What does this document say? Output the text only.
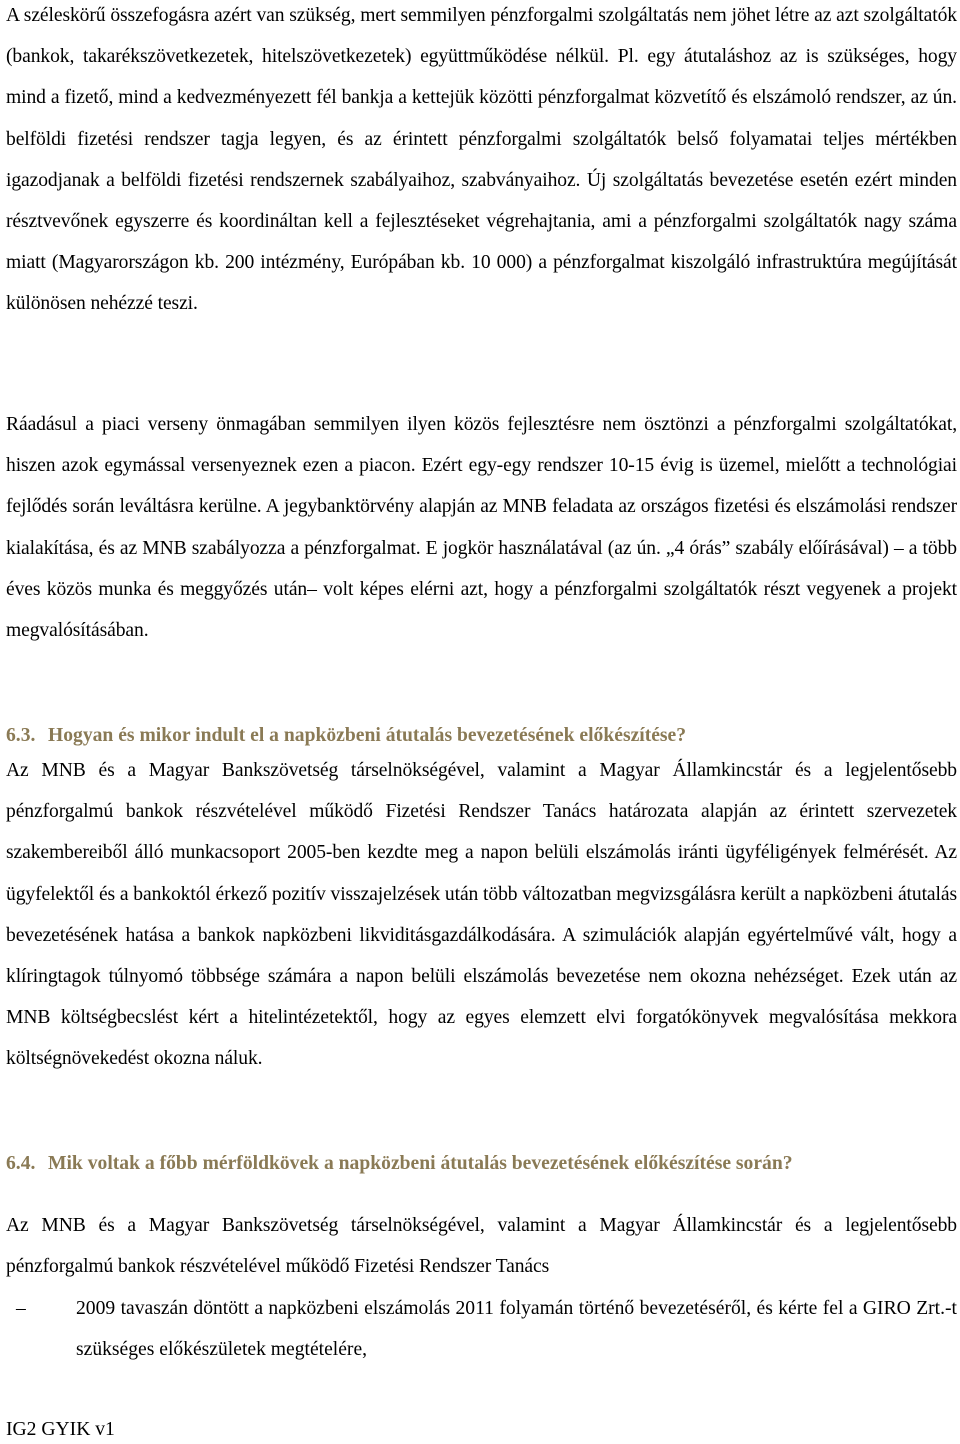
A széleskörű összefogásra azért van szükség, mert semmilyen pénzforgalmi szolgáltatás nem jöhet létre az azt szolgáltatók (bankok, takarékszövetkezetek, hitelszövetkezetek) együttműködése nélkül. Pl. egy átutaláshoz az is szükséges, hogy mind a fizető, mind a kedvezményezett fél bankja a kettejük közötti pénzforgalmat közvetítő és elszámoló rendszer, az ún. belföldi fizetési rendszer tagja legyen, és az érintett pénzforgalmi szolgáltatók belső folyamatai teljes mértékben igazodjanak a belföldi fizetési rendszernek szabályaihoz, szabványaihoz. Új szolgáltatás bevezetése esetén ezért minden résztvevőnek egyszerre és koordináltan kell a fejlesztéseket végrehajtania, ami a pénzforgalmi szolgáltatók nagy száma miatt (Magyarországon kb. 200 intézmény, Európában kb. 10 000) a pénzforgalmat kiszolgáló infrastruktúra megújítását különösen nehézzé teszi.

Ráadásul a piaci verseny önmagában semmilyen ilyen közös fejlesztésre nem ösztönzi a pénzforgalmi szolgáltatókat, hiszen azok egymással versenyeznek ezen a piacon. Ezért egy-egy rendszer 10-15 évig is üzemel, mielőtt a technológiai fejlődés során leváltásra kerülne. A jegybanktörvény alapján az MNB feladata az országos fizetési és elszámolási rendszer kialakítása, és az MNB szabályozza a pénzforgalmat. E jogkör használatával (az ún. „4 órás” szabály előírásával) – a több éves közös munka és meggyőzés után– volt képes elérni azt, hogy a pénzforgalmi szolgáltatók részt vegyenek a projekt megvalósításában.

6.3. Hogyan és mikor indult el a napközbeni átutalás bevezetésének előkészítése?

Az MNB és a Magyar Bankszövetség társelnökségével, valamint a Magyar Államkincstár és a legjelentősebb pénzforgalmú bankok részvételével működő Fizetési Rendszer Tanács határozata alapján az érintett szervezetek szakembereiből álló munkacsoport 2005-ben kezdte meg a napon belüli elszámolás iránti ügyféligények felmérését. Az ügyfelektől és a bankoktól érkező pozitív visszajelzések után több változatban megvizsgálásra került a napközbeni átutalás bevezetésének hatása a bankok napközbeni likviditásgazdálkodására. A szimulációk alapján egyértelművé vált, hogy a klíringtagok túlnyomó többsége számára a napon belüli elszámolás bevezetése nem okozna nehézséget. Ezek után az MNB költségbecslést kért a hitelintézetektől, hogy az egyes elemzett elvi forgatókönyvek megvalósítása mekkora költségnövekedést okozna náluk.

6.4. Mik voltak a főbb mérföldkövek a napközbeni átutalás bevezetésének előkészítése során?

Az MNB és a Magyar Bankszövetség társelnökségével, valamint a Magyar Államkincstár és a legjelentősebb pénzforgalmú bankok részvételével működő Fizetési Rendszer Tanács

–	2009 tavaszán döntött a napközbeni elszámolás 2011 folyamán történő bevezetéséről, és kérte fel a GIRO Zrt.-t szükséges előkészületek megtételére,
IG2 GYIK v1
